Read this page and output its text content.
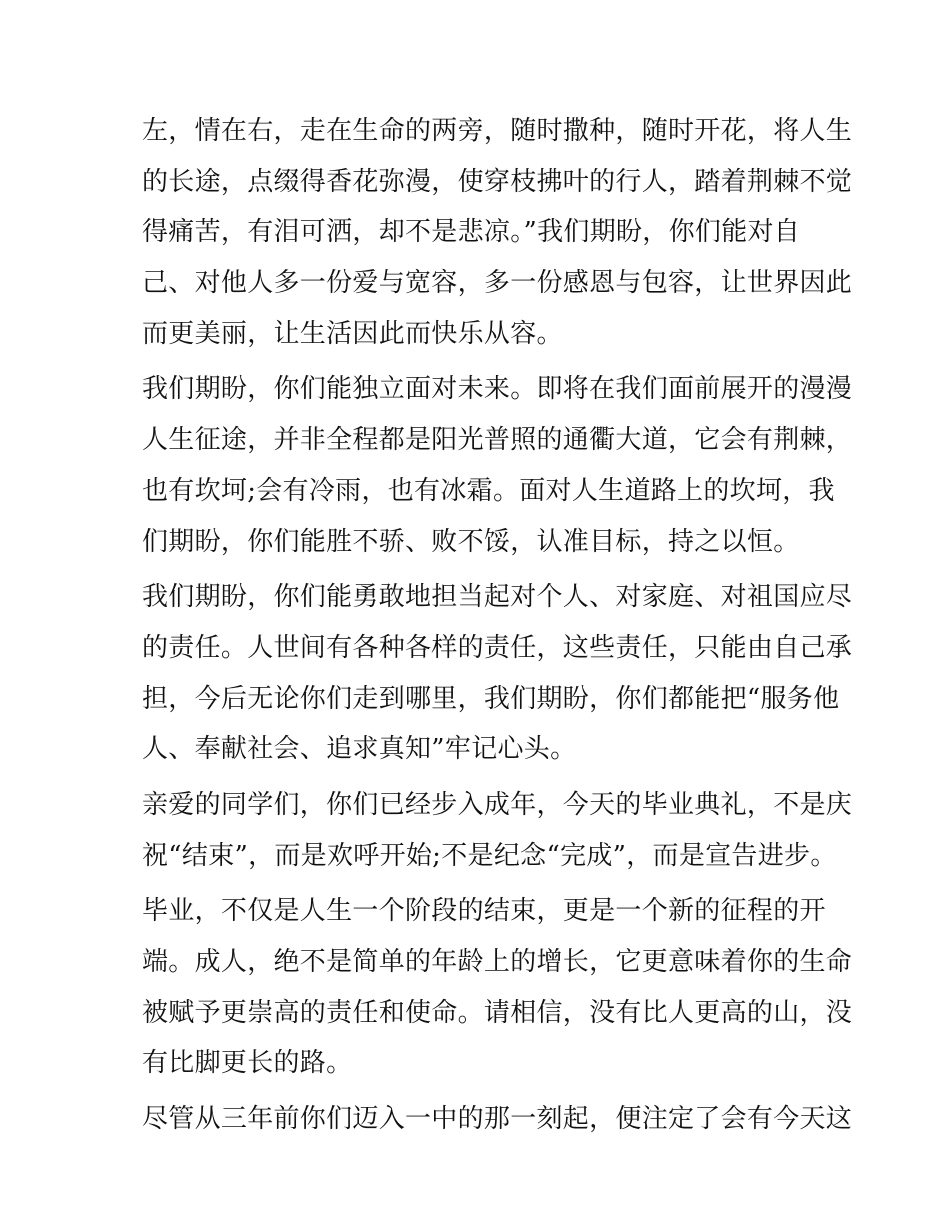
左，情在右，走在生命的两旁，随时撒种，随时开花，将人生
的长途，点缀得香花弥漫，使穿枝拂叶的行人，踏着荆棘不觉
得痛苦，有泪可洒，却不是悲凉。”我们期盼，你们能对自
己、对他人多一份爱与宽容，多一份感恩与包容，让世界因此
而更美丽，让生活因此而快乐从容。
我们期盼，你们能独立面对未来。即将在我们面前展开的漫漫
人生征途，并非全程都是阳光普照的通衢大道，它会有荆棘，
也有坎坷;会有冷雨，也有冰霜。面对人生道路上的坎坷，我
们期盼，你们能胜不骄、败不馁，认准目标，持之以恒。
我们期盼，你们能勇敢地担当起对个人、对家庭、对祖国应尽
的责任。人世间有各种各样的责任，这些责任，只能由自己承
担，今后无论你们走到哪里，我们期盼，你们都能把“服务他
人、奉献社会、追求真知”牢记心头。
亲爱的同学们，你们已经步入成年，今天的毕业典礼，不是庆
祝“结束”，而是欢呼开始;不是纪念“完成”，而是宣告进步。
毕业，不仅是人生一个阶段的结束，更是一个新的征程的开
端。成人，绝不是简单的年龄上的增长，它更意味着你的生命
被赋予更崇高的责任和使命。请相信，没有比人更高的山，没
有比脚更长的路。
尽管从三年前你们迈入一中的那一刻起，便注定了会有今天这
